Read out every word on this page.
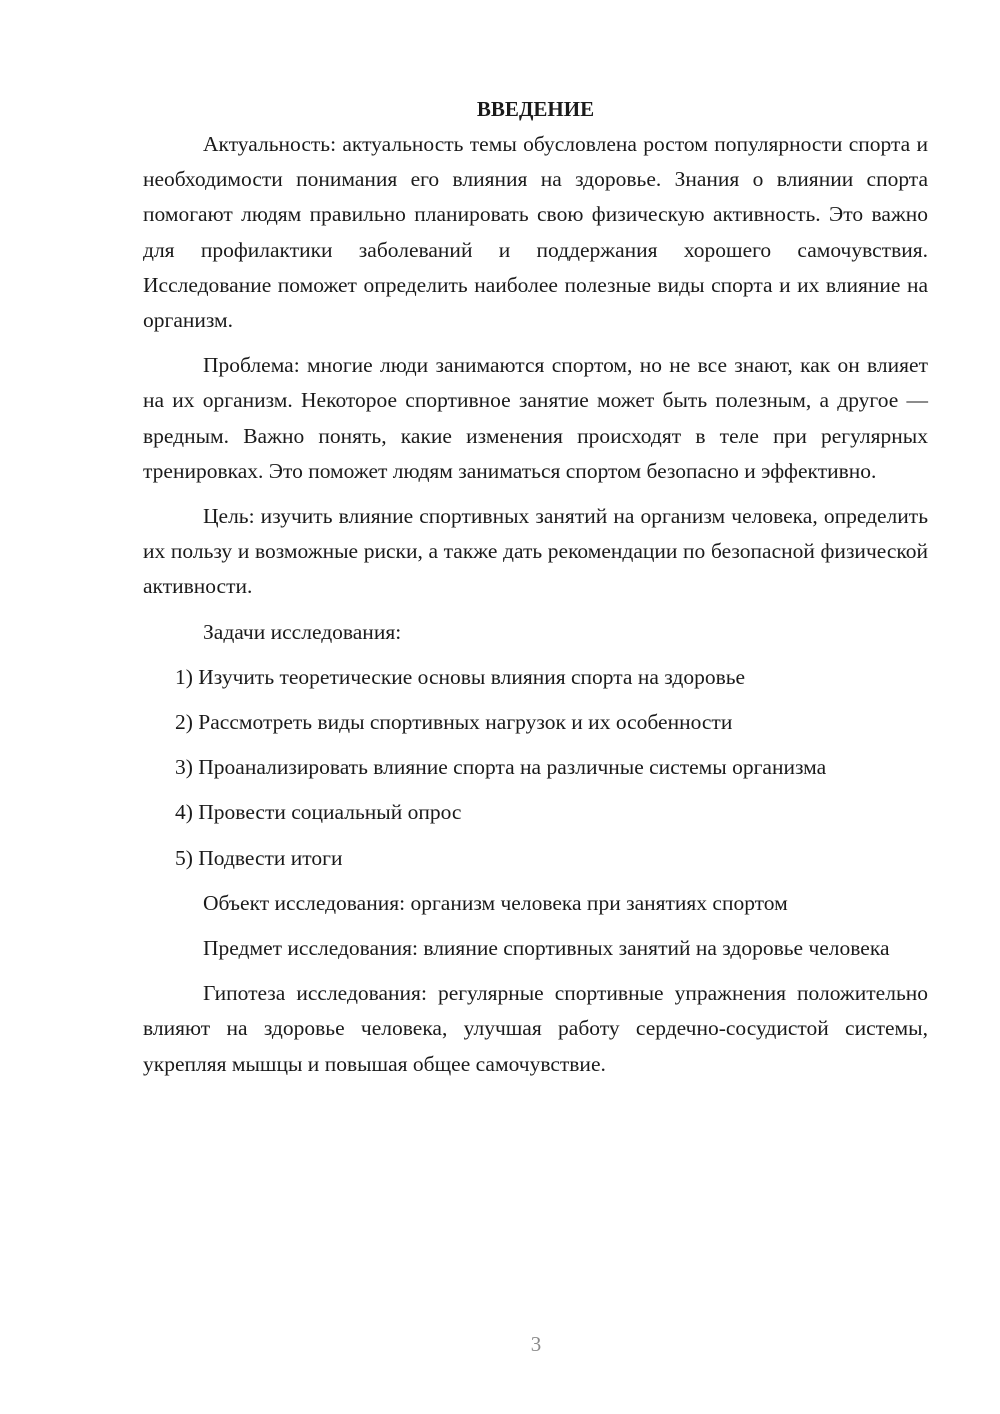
ВВЕДЕНИЕ

Актуальность: актуальность темы обусловлена ростом популярности спорта и необходимости понимания его влияния на здоровье. Знания о влиянии спорта помогают людям правильно планировать свою физическую активность. Это важно для профилактики заболеваний и поддержания хорошего самочувствия. Исследование поможет определить наиболее полезные виды спорта и их влияние на организм.

Проблема: многие люди занимаются спортом, но не все знают, как он влияет на их организм. Некоторое спортивное занятие может быть полезным, а другое — вредным. Важно понять, какие изменения происходят в теле при регулярных тренировках. Это поможет людям заниматься спортом безопасно и эффективно.

Цель: изучить влияние спортивных занятий на организм человека, определить их пользу и возможные риски, а также дать рекомендации по безопасной физической активности.

Задачи исследования:

1) Изучить теоретические основы влияния спорта на здоровье

2) Рассмотреть виды спортивных нагрузок и их особенности

3) Проанализировать влияние спорта на различные системы организма

4) Провести социальный опрос

5) Подвести итоги

Объект исследования: организм человека при занятиях спортом

Предмет исследования: влияние спортивных занятий на здоровье человека

Гипотеза исследования: регулярные спортивные упражнения положительно влияют на здоровье человека, улучшая работу сердечно-сосудистой системы, укрепляя мышцы и повышая общее самочувствие.

3
